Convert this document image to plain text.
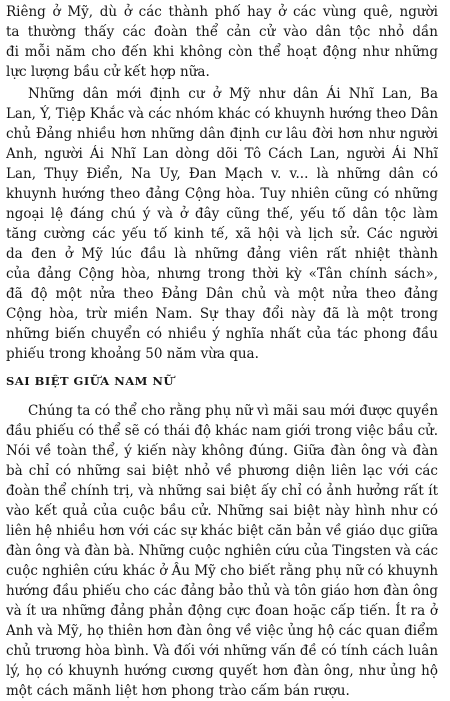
Riêng ở Mỹ, dù ở các thành phố hay ở các vùng quê, người
ta thường thấy các đoàn thể cản cử vào dân tộc nhỏ dần
đi mỗi năm cho đến khi không còn thể hoạt động như những
lực lượng bầu cử kết hợp nữa.
Những dân mới định cư ở Mỹ như dân Ái Nhĩ Lan, Ba
Lan, Ý, Tiệp Khắc và các nhóm khác có khuynh hướng theo Dân
chủ Đảng nhiều hơn những dân định cư lâu đời hơn như người
Anh, người Ái Nhĩ Lan dòng dõi Tô Cách Lan, người Ái Nhĩ
Lan, Thụy Điển, Na Uy, Đan Mạch v. v... là những dân có
khuynh hướng theo đảng Cộng hòa. Tuy nhiên cũng có những
ngoại lệ đáng chú ý và ở đây cũng thế, yếu tố dân tộc làm
tăng cường các yếu tố kinh tế, xã hội và lịch sử. Các người
da đen ở Mỹ lúc đầu là những đảng viên rất nhiệt thành
của đảng Cộng hòa, nhưng trong thời kỳ «Tân chính sách»,
đã độ một nửa theo Đảng Dân chủ và một nửa theo đảng
Cộng hòa, trừ miền Nam. Sự thay đổi này đã là một trong
những biến chuyển có nhiều ý nghĩa nhất của tác phong đầu
phiếu trong khoảng 50 năm vừa qua.
SAI BIỆT GIỮA NAM NỮ
Chúng ta có thể cho rằng phụ nữ vì mãi sau mới được quyền
đầu phiếu có thể sẽ có thái độ khác nam giới trong việc bầu cử.
Nói về toàn thể, ý kiến này không đúng. Giữa đàn ông và đàn
bà chỉ có những sai biệt nhỏ về phương diện liên lạc với các
đoàn thể chính trị, và những sai biệt ấy chỉ có ảnh hưởng rất ít
vào kết quả của cuộc bầu cử. Những sai biệt này hình như có
liên hệ nhiều hơn với các sự khác biệt căn bản về giáo dục giữa
đàn ông và đàn bà. Những cuộc nghiên cứu của Tingsten và các
cuộc nghiên cứu khác ở Âu Mỹ cho biết rằng phụ nữ có khuynh
hướng đầu phiếu cho các đảng bảo thủ và tôn giáo hơn đàn ông
và ít ưa những đảng phản động cực đoan hoặc cấp tiến. Ít ra ở
Anh và Mỹ, họ thiên hơn đàn ông về việc ủng hộ các quan điểm
chủ trương hòa bình. Và đối với những vấn đề có tính cách luân
lý, họ có khuynh hướng cương quyết hơn đàn ông, như ủng hộ
một cách mãnh liệt hơn phong trào cấm bán rượu.
